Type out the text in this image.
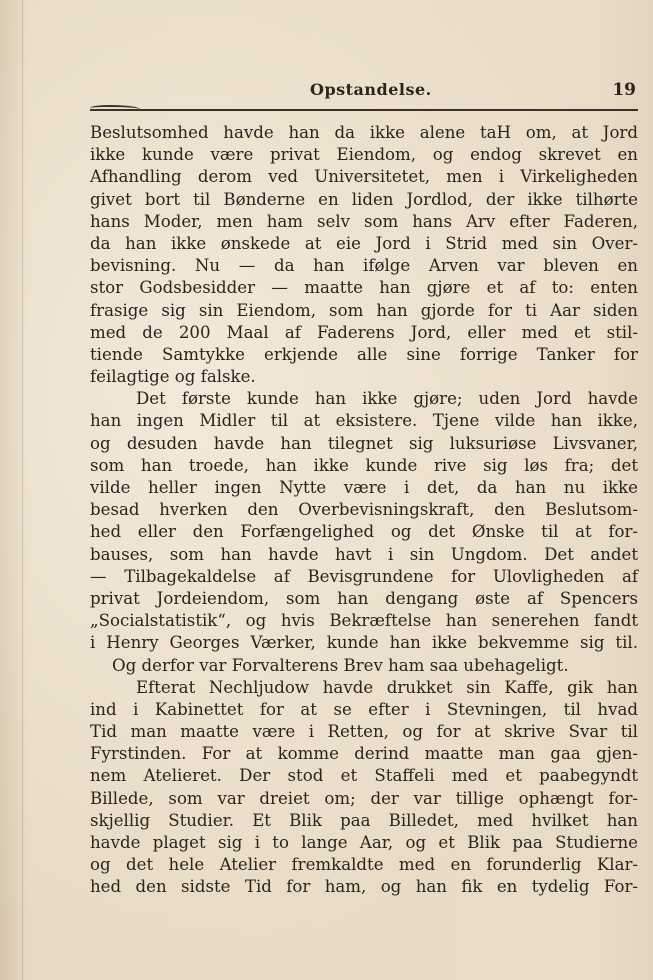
Opstandelse.	19
Beslutsomhed havde han da ikke alene taH om, at Jord
ikke kunde være privat Eiendom, og endog skrevet en
Afhandling derom ved Universitetet, men i Virkeligheden
givet bort til Bønderne en liden Jordlod, der ikke tilhørte
hans Moder, men ham selv som hans Arv efter Faderen,
da han ikke ønskede at eie Jord i Strid med sin Over-
bevisning. Nu — da han ifølge Arven var bleven en
stor Godsbesidder — maatte han gjøre et af to: enten
frasige sig sin Eiendom, som han gjorde for ti Aar siden
med de 200 Maal af Faderens Jord, eller med et stil-
tiende Samtykke erkjende alle sine forrige Tanker for
feilagtige og falske.
Det første kunde han ikke gjøre; uden Jord havde
han ingen Midler til at eksistere. Tjene vilde han ikke,
og desuden havde han tilegnet sig luksuriøse Livsvaner,
som han troede, han ikke kunde rive sig løs fra; det
vilde heller ingen Nytte være i det, da han nu ikke
besad hverken den Overbevisningskraft, den Beslutsom-
hed eller den Forfængelighed og det Ønske til at for-
bauses, som han havde havt i sin Ungdom. Det andet
— Tilbagekaldelse af Bevisgrundene for Ulovligheden af
privat Jordeiendom, som han dengang øste af Spencers
„Socialstatistik“, og hvis Bekræftelse han senerehen fandt
i Henry Georges Værker, kunde han ikke bekvemme sig til.
Og derfor var Forvalterens Brev ham saa ubehageligt.
Efterat Nechljudow havde drukket sin Kaffe, gik han
ind i Kabinettet for at se efter i Stevningen, til hvad
Tid man maatte være i Retten, og for at skrive Svar til
Fyrstinden. For at komme derind maatte man gaa gjen-
nem Atelieret. Der stod et Staffeli med et paabegyndt
Billede, som var dreiet om; der var tillige ophængt for-
skjellig Studier. Et Blik paa Billedet, med hvilket han
havde plaget sig i to lange Aar, og et Blik paa Studierne
og det hele Atelier fremkaldte med en forunderlig Klar-
hed den sidste Tid for ham, og han fik en tydelig For-
